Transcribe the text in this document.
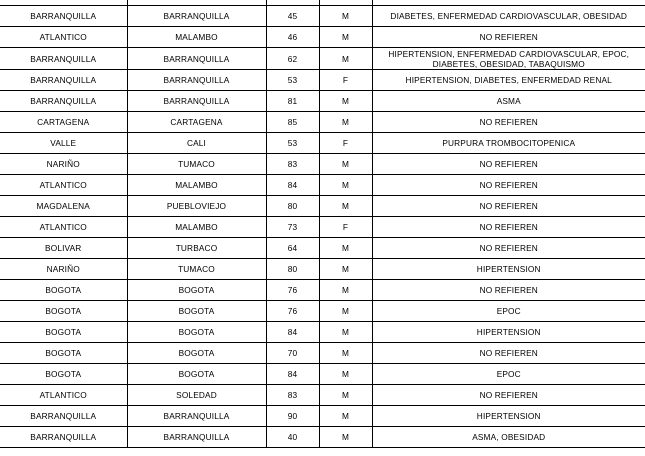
BARRANQUILLA	BARRANQUILLA	45	M	DIABETES, ENFERMEDAD CARDIOVASCULAR, OBESIDAD
ATLANTICO	MALAMBO	46	M	NO REFIEREN
BARRANQUILLA	BARRANQUILLA	62	M	HIPERTENSION, ENFERMEDAD CARDIOVASCULAR, EPOC, DIABETES, OBESIDAD, TABAQUISMO
BARRANQUILLA	BARRANQUILLA	53	F	HIPERTENSION, DIABETES, ENFERMEDAD RENAL
BARRANQUILLA	BARRANQUILLA	81	M	ASMA
CARTAGENA	CARTAGENA	85	M	NO REFIEREN
VALLE	CALI	53	F	PURPURA TROMBOCITOPENICA
NARIÑO	TUMACO	83	M	NO REFIEREN
ATLANTICO	MALAMBO	84	M	NO REFIEREN
MAGDALENA	PUEBLOVIEJO	80	M	NO REFIEREN
ATLANTICO	MALAMBO	73	F	NO REFIEREN
BOLIVAR	TURBACO	64	M	NO REFIEREN
NARIÑO	TUMACO	80	M	HIPERTENSION
BOGOTA	BOGOTA	76	M	NO REFIEREN
BOGOTA	BOGOTA	76	M	EPOC
BOGOTA	BOGOTA	84	M	HIPERTENSION
BOGOTA	BOGOTA	70	M	NO REFIEREN
BOGOTA	BOGOTA	84	M	EPOC
ATLANTICO	SOLEDAD	83	M	NO REFIEREN
BARRANQUILLA	BARRANQUILLA	90	M	HIPERTENSION
BARRANQUILLA	BARRANQUILLA	40	M	ASMA, OBESIDAD
